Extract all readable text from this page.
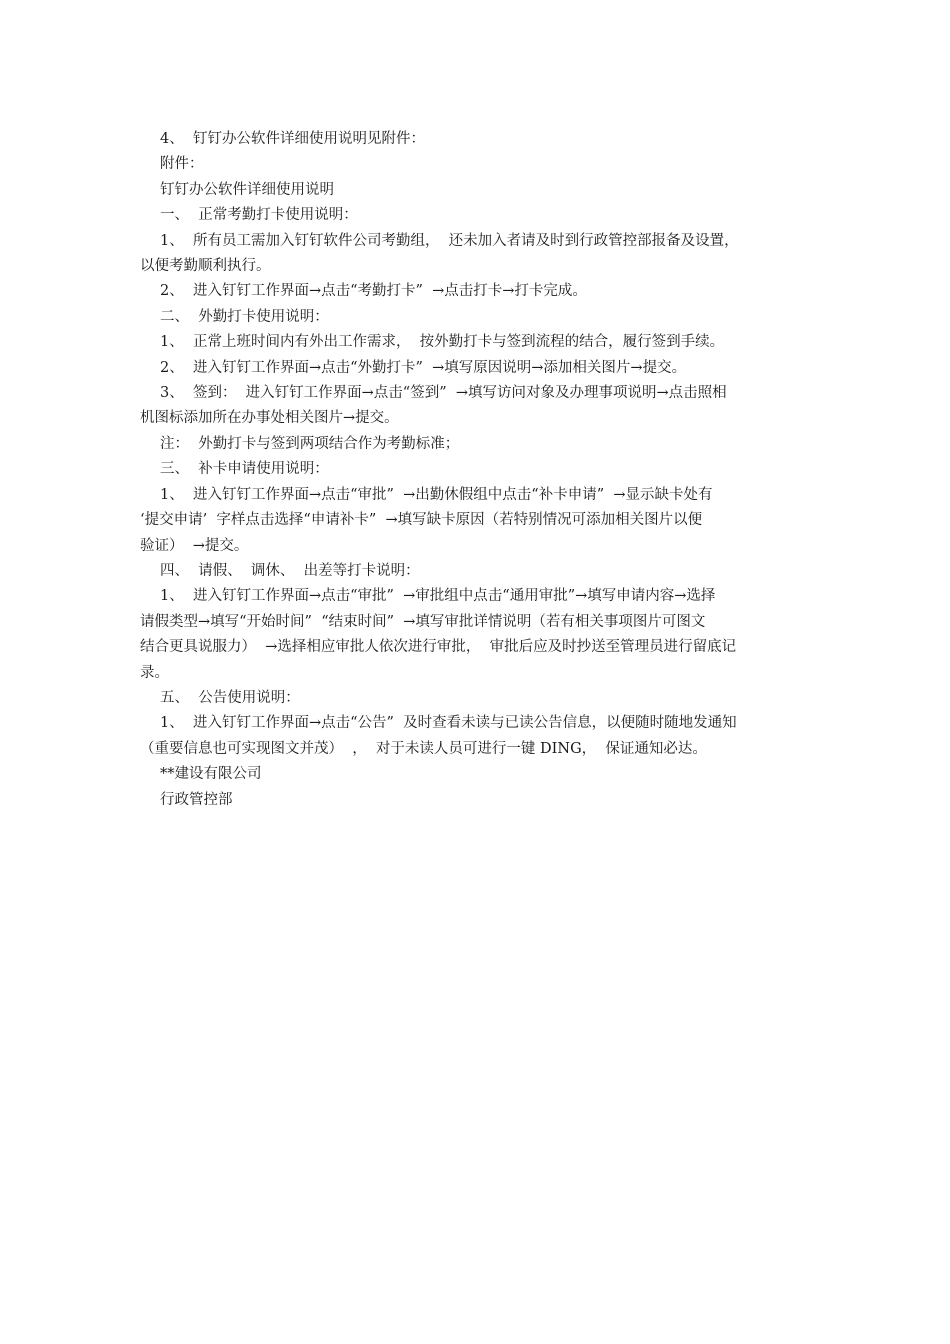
4、  钉钉办公软件详细使用说明见附件：
附件：
钉钉办公软件详细使用说明
一、  正常考勤打卡使用说明：
1、  所有员工需加入钉钉软件公司考勤组，  还未加入者请及时到行政管控部报备及设置，
以便考勤顺利执行。
2、  进入钉钉工作界面→点击“考勤打卡”  →点击打卡→打卡完成。
二、  外勤打卡使用说明：
1、  正常上班时间内有外出工作需求，  按外勤打卡与签到流程的结合，履行签到手续。
2、  进入钉钉工作界面→点击“外勤打卡”  →填写原因说明→添加相关图片→提交。
3、  签到：  进入钉钉工作界面→点击“签到”  →填写访问对象及办理事项说明→点击照相
机图标添加所在办事处相关图片→提交。
注：  外勤打卡与签到两项结合作为考勤标准；
三、  补卡申请使用说明：
1、  进入钉钉工作界面→点击“审批”  →出勤休假组中点击“补卡申请”  →显示缺卡处有
‘提交申请’  字样点击选择“申请补卡”  →填写缺卡原因（若特别情况可添加相关图片以便
验证）  →提交。
四、  请假、  调休、  出差等打卡说明：
1、  进入钉钉工作界面→点击“审批”  →审批组中点击“通用审批”→填写申请内容→选择
请假类型→填写“开始时间”  “结束时间”  →填写审批详情说明（若有相关事项图片可图文
结合更具说服力）  →选择相应审批人依次进行审批，  审批后应及时抄送至管理员进行留底记
录。
五、  公告使用说明：
1、  进入钉钉工作界面→点击“公告”  及时查看未读与已读公告信息，以便随时随地发通知
（重要信息也可实现图文并茂）  ，  对于未读人员可进行一键 DING，  保证通知必达。
**建设有限公司
行政管控部
